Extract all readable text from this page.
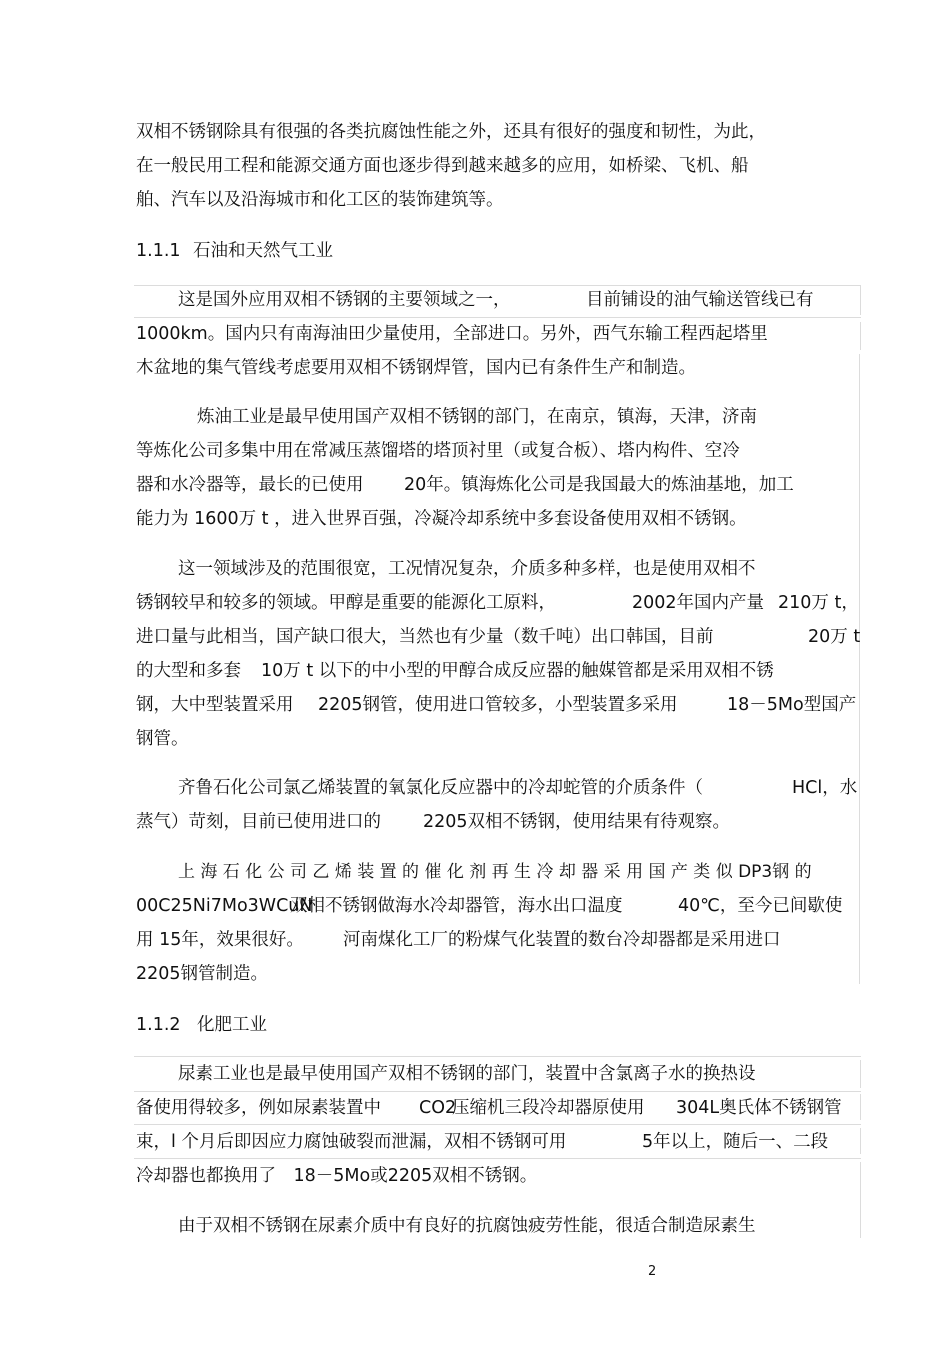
双相不锈钢除具有很强的各类抗腐蚀性能之外，还具有很好的强度和韧性，为此，
在一般民用工程和能源交通方面也逐步得到越来越多的应用，如桥梁、飞机、船
舶、汽车以及沿海城市和化工区的装饰建筑等。
1.1.1 石油和天然气工业
这是国外应用双相不锈钢的主要领域之一，	目前铺设的油气输送管线已有
1000km。国内只有南海油田少量使用，全部进口。另外，西气东输工程西起塔里
木盆地的集气管线考虑要用双相不锈钢焊管，国内已有条件生产和制造。
炼油工业是最早使用国产双相不锈钢的部门，在南京，镇海，天津，济南
等炼化公司多集中用在常减压蒸馏塔的塔顶衬里（或复合板）、塔内构件、空冷
器和水冷器等，最长的已使用 20年。镇海炼化公司是我国最大的炼油基地，加工
能力为 1600万 t ，进入世界百强，冷凝冷却系统中多套设备使用双相不锈钢。
这一领域涉及的范围很宽，工况情况复杂，介质多种多样，也是使用双相不
锈钢较早和较多的领域。甲醇是重要的能源化工原料，	2002年国内产量 210万 t，
进口量与此相当，国产缺口很大，当然也有少量（数千吨）出口韩国，目前	20万 t
的大型和多套 10万 t 以下的中小型的甲醇合成反应器的触媒管都是采用双相不锈
钢，大中型装置采用 2205钢管，使用进口管较多，小型装置多采用	18－5Mo型国产
钢管。
齐鲁石化公司氯乙烯装置的氧氯化反应器中的冷却蛇管的介质条件（	HCl，水
蒸气）苛刻，目前已使用进口的 2205双相不锈钢，使用结果有待观察。
上 海 石 化 公 司 乙 烯 装 置 的 催 化 剂 再 生 冷 却 器 采 用 国 产 类 似 DP3钢 的
00C25Ni7Mo3WCuN
双相不锈钢做海水冷却器管，海水出口温度	40℃，至今已间歇使
用 15年，效果很好。 河南煤化工厂的粉煤气化装置的数台冷却器都是采用进口
2205钢管制造。
1.1.2 化肥工业
尿素工业也是最早使用国产双相不锈钢的部门，装置中含氯离子水的换热设
备使用得较多，例如尿素装置中 CO2
压缩机三段冷却器原使用 304L奥氏体不锈钢管
束，l 个月后即因应力腐蚀破裂而泄漏，双相不锈钢可用	5年以上，随后一、二段
冷却器也都换用了　18－5Mo或2205双相不锈钢。
由于双相不锈钢在尿素介质中有良好的抗腐蚀疲劳性能，很适合制造尿素生
2
